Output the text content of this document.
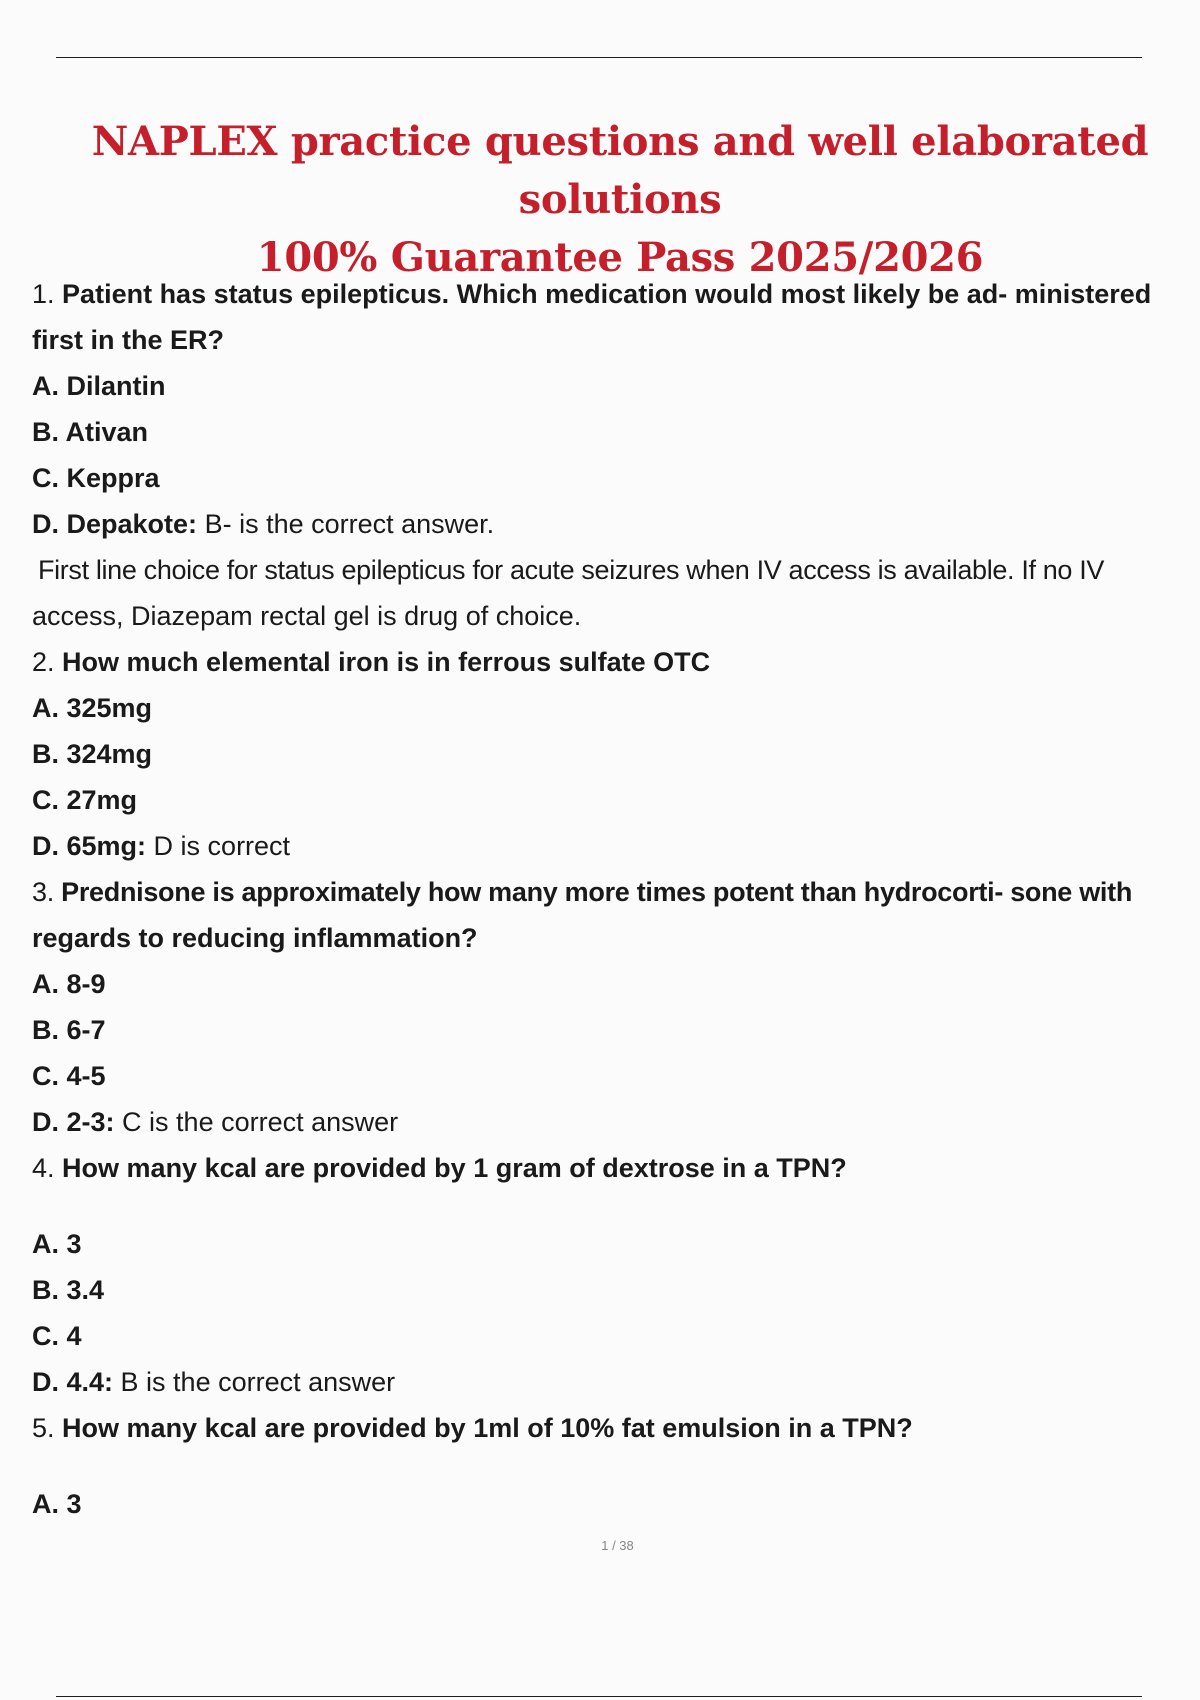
NAPLEX practice questions and well elaborated solutions
100% Guarantee Pass 2025/2026
1. Patient has status epilepticus. Which medication would most likely be ad- ministered
first in the ER?
A. Dilantin
B. Ativan
C. Keppra
D. Depakote: B- is the correct answer.
First line choice for status epilepticus for acute seizures when IV access is available. If no IV
access, Diazepam rectal gel is drug of choice.
2. How much elemental iron is in ferrous sulfate OTC
A. 325mg
B. 324mg
C. 27mg
D. 65mg: D is correct
3. Prednisone is approximately how many more times potent than hydrocorti- sone with
regards to reducing inflammation?
A. 8-9
B. 6-7
C. 4-5
D. 2-3: C is the correct answer
4. How many kcal are provided by 1 gram of dextrose in a TPN?
A. 3
B. 3.4
C. 4
D. 4.4: B is the correct answer
5. How many kcal are provided by 1ml of 10% fat emulsion in a TPN?
A. 3
1 / 38
